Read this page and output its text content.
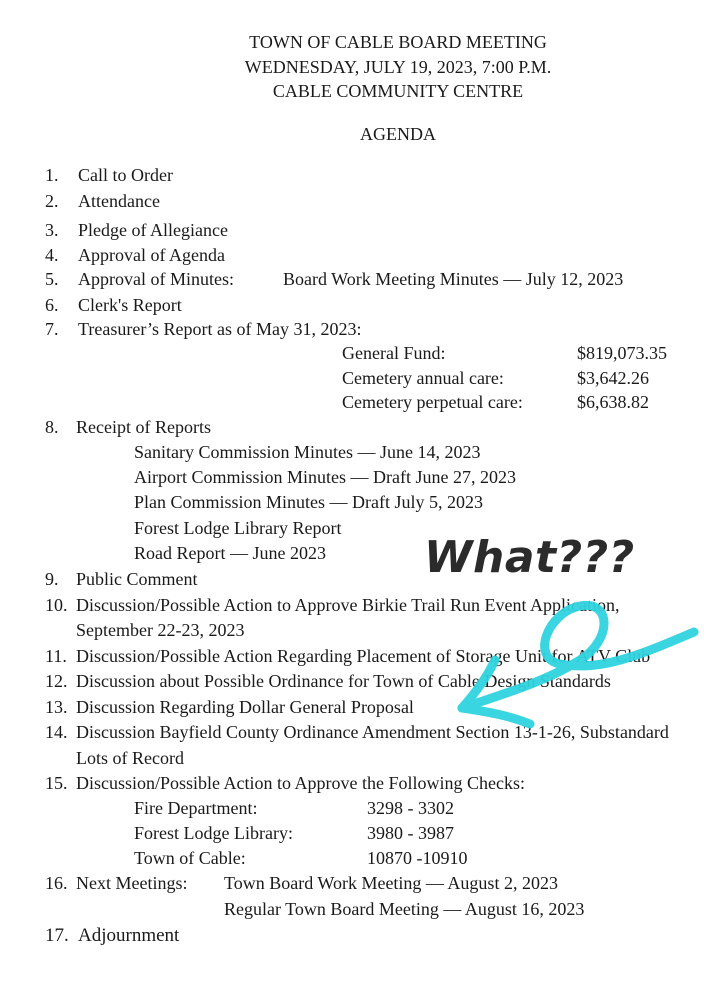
TOWN OF CABLE BOARD MEETING
WEDNESDAY, JULY 19, 2023, 7:00 P.M.
CABLE COMMUNITY CENTRE
AGENDA
1. Call to Order
2. Attendance
3. Pledge of Allegiance
4. Approval of Agenda
5. Approval of Minutes:	Board Work Meeting Minutes — July 12, 2023
6. Clerk's Report
7. Treasurer’s Report as of May 31, 2023:
General Fund:	$819,073.35
Cemetery annual care:	$3,642.26
Cemetery perpetual care:	$6,638.82
8. Receipt of Reports
Sanitary Commission Minutes — June 14, 2023
Airport Commission Minutes — Draft June 27, 2023
Plan Commission Minutes — Draft July 5, 2023
Forest Lodge Library Report
Road Report — June 2023
9. Public Comment
10. Discussion/Possible Action to Approve Birkie Trail Run Event Application,
September 22-23, 2023
11. Discussion/Possible Action Regarding Placement of Storage Unit for ATV Club
12. Discussion about Possible Ordinance for Town of Cable Design Standards
13. Discussion Regarding Dollar General Proposal
14. Discussion Bayfield County Ordinance Amendment Section 13-1-26, Substandard
Lots of Record
15. Discussion/Possible Action to Approve the Following Checks:
Fire Department:	3298 - 3302
Forest Lodge Library:	3980 - 3987
Town of Cable:	10870 -10910
16. Next Meetings: Town Board Work Meeting — August 2, 2023
Regular Town Board Meeting — August 16, 2023
17. Adjournment
What???
